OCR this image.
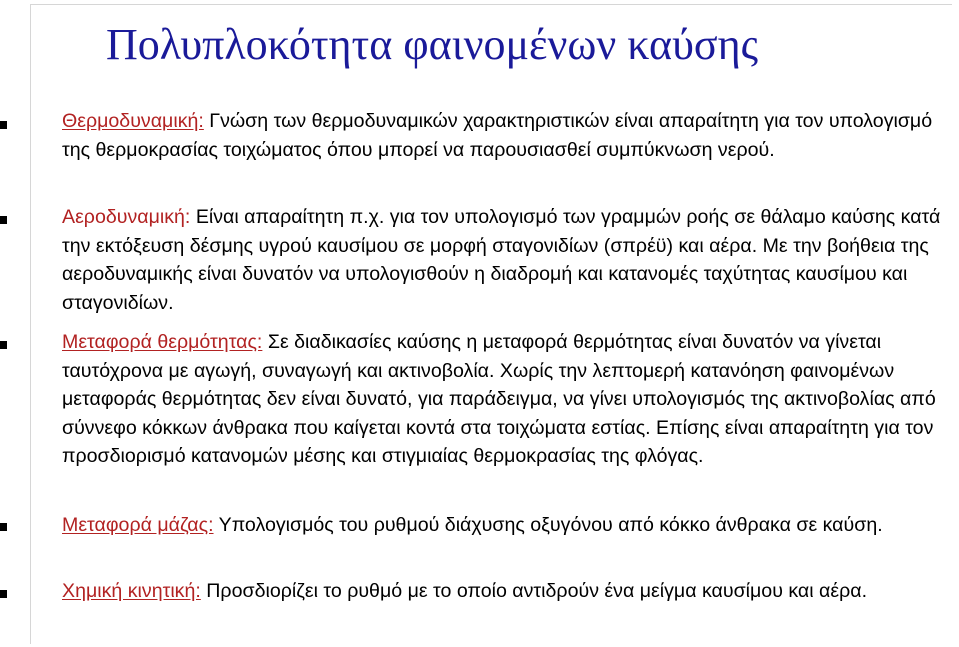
Πολυπλοκότητα φαινομένων καύσης

Θερμοδυναμική: Γνώση των θερμοδυναμικών χαρακτηριστικών είναι απαραίτητη για τον υπολογισμό της θερμοκρασίας τοιχώματος όπου μπορεί να παρουσιασθεί συμπύκνωση νερού.

Αεροδυναμική: Είναι απαραίτητη π.χ. για τον υπολογισμό των γραμμών ροής σε θάλαμο καύσης κατά την εκτόξευση δέσμης υγρού καυσίμου σε μορφή σταγονιδίων (σπρέϋ) και αέρα. Με την βοήθεια της αεροδυναμικής είναι δυνατόν να υπολογισθούν η διαδρομή και κατανομές ταχύτητας καυσίμου και σταγονιδίων.

Μεταφορά θερμότητας: Σε διαδικασίες καύσης η μεταφορά θερμότητας είναι δυνατόν να γίνεται ταυτόχρονα με αγωγή, συναγωγή και ακτινοβολία. Χωρίς την λεπτομερή κατανόηση φαινομένων μεταφοράς θερμότητας δεν είναι δυνατό, για παράδειγμα, να γίνει υπολογισμός της ακτινοβολίας από σύννεφο κόκκων άνθρακα που καίγεται κοντά στα τοιχώματα εστίας. Επίσης είναι απαραίτητη για τον προσδιορισμό κατανομών μέσης και στιγμιαίας θερμοκρασίας της φλόγας.

Μεταφορά μάζας: Υπολογισμός του ρυθμού διάχυσης οξυγόνου από κόκκο άνθρακα σε καύση.

Χημική κινητική: Προσδιορίζει το ρυθμό με το οποίο αντιδρούν ένα μείγμα καυσίμου και αέρα.
